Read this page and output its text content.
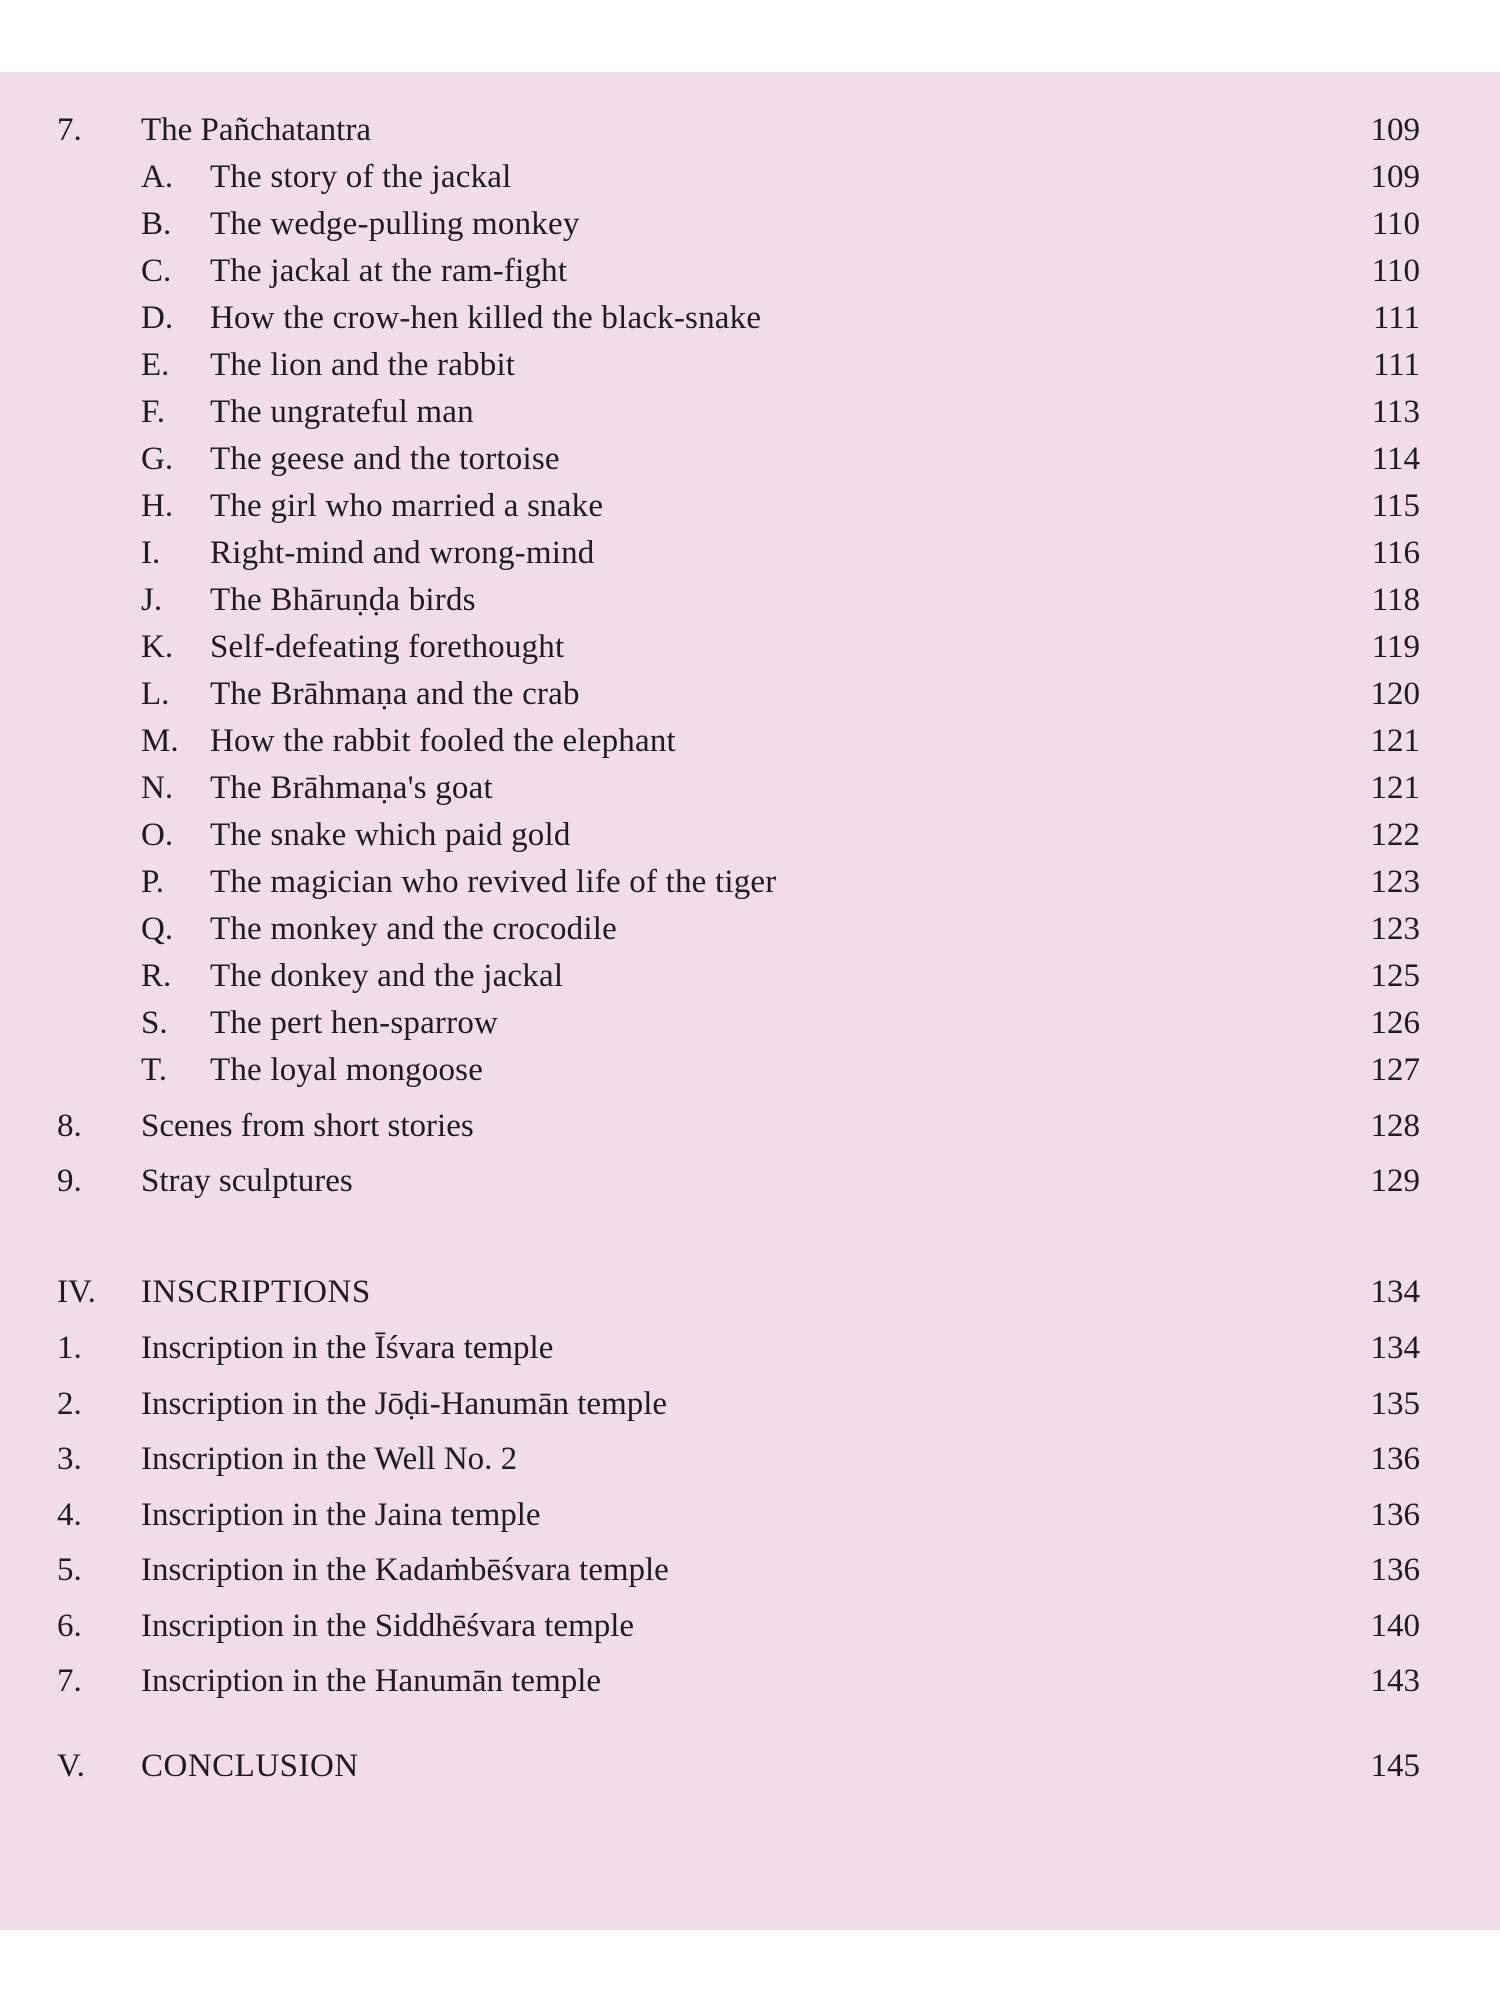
7. The Pañchatantra	109
A. The story of the jackal	109
B. The wedge-pulling monkey	110
C. The jackal at the ram-fight	110
D. How the crow-hen killed the black-snake	111
E. The lion and the rabbit	111
F. The ungrateful man	113
G. The geese and the tortoise	114
H. The girl who married a snake	115
I. Right-mind and wrong-mind	116
J. The Bhāruṇḍa birds	118
K. Self-defeating forethought	119
L. The Brāhmaṇa and the crab	120
M. How the rabbit fooled the elephant	121
N. The Brāhmaṇa's goat	121
O. The snake which paid gold	122
P. The magician who revived life of the tiger	123
Q. The monkey and the crocodile	123
R. The donkey and the jackal	125
S. The pert hen-sparrow	126
T. The loyal mongoose	127
8. Scenes from short stories	128
9. Stray sculptures	129
IV. INSCRIPTIONS	134
1. Inscription in the Īśvara temple	134
2. Inscription in the Jōḍi-Hanumān temple	135
3. Inscription in the Well No. 2	136
4. Inscription in the Jaina temple	136
5. Inscription in the Kadaṁbēśvara temple	136
6. Inscription in the Siddhēśvara temple	140
7. Inscription in the Hanumān temple	143
V. CONCLUSION	145
